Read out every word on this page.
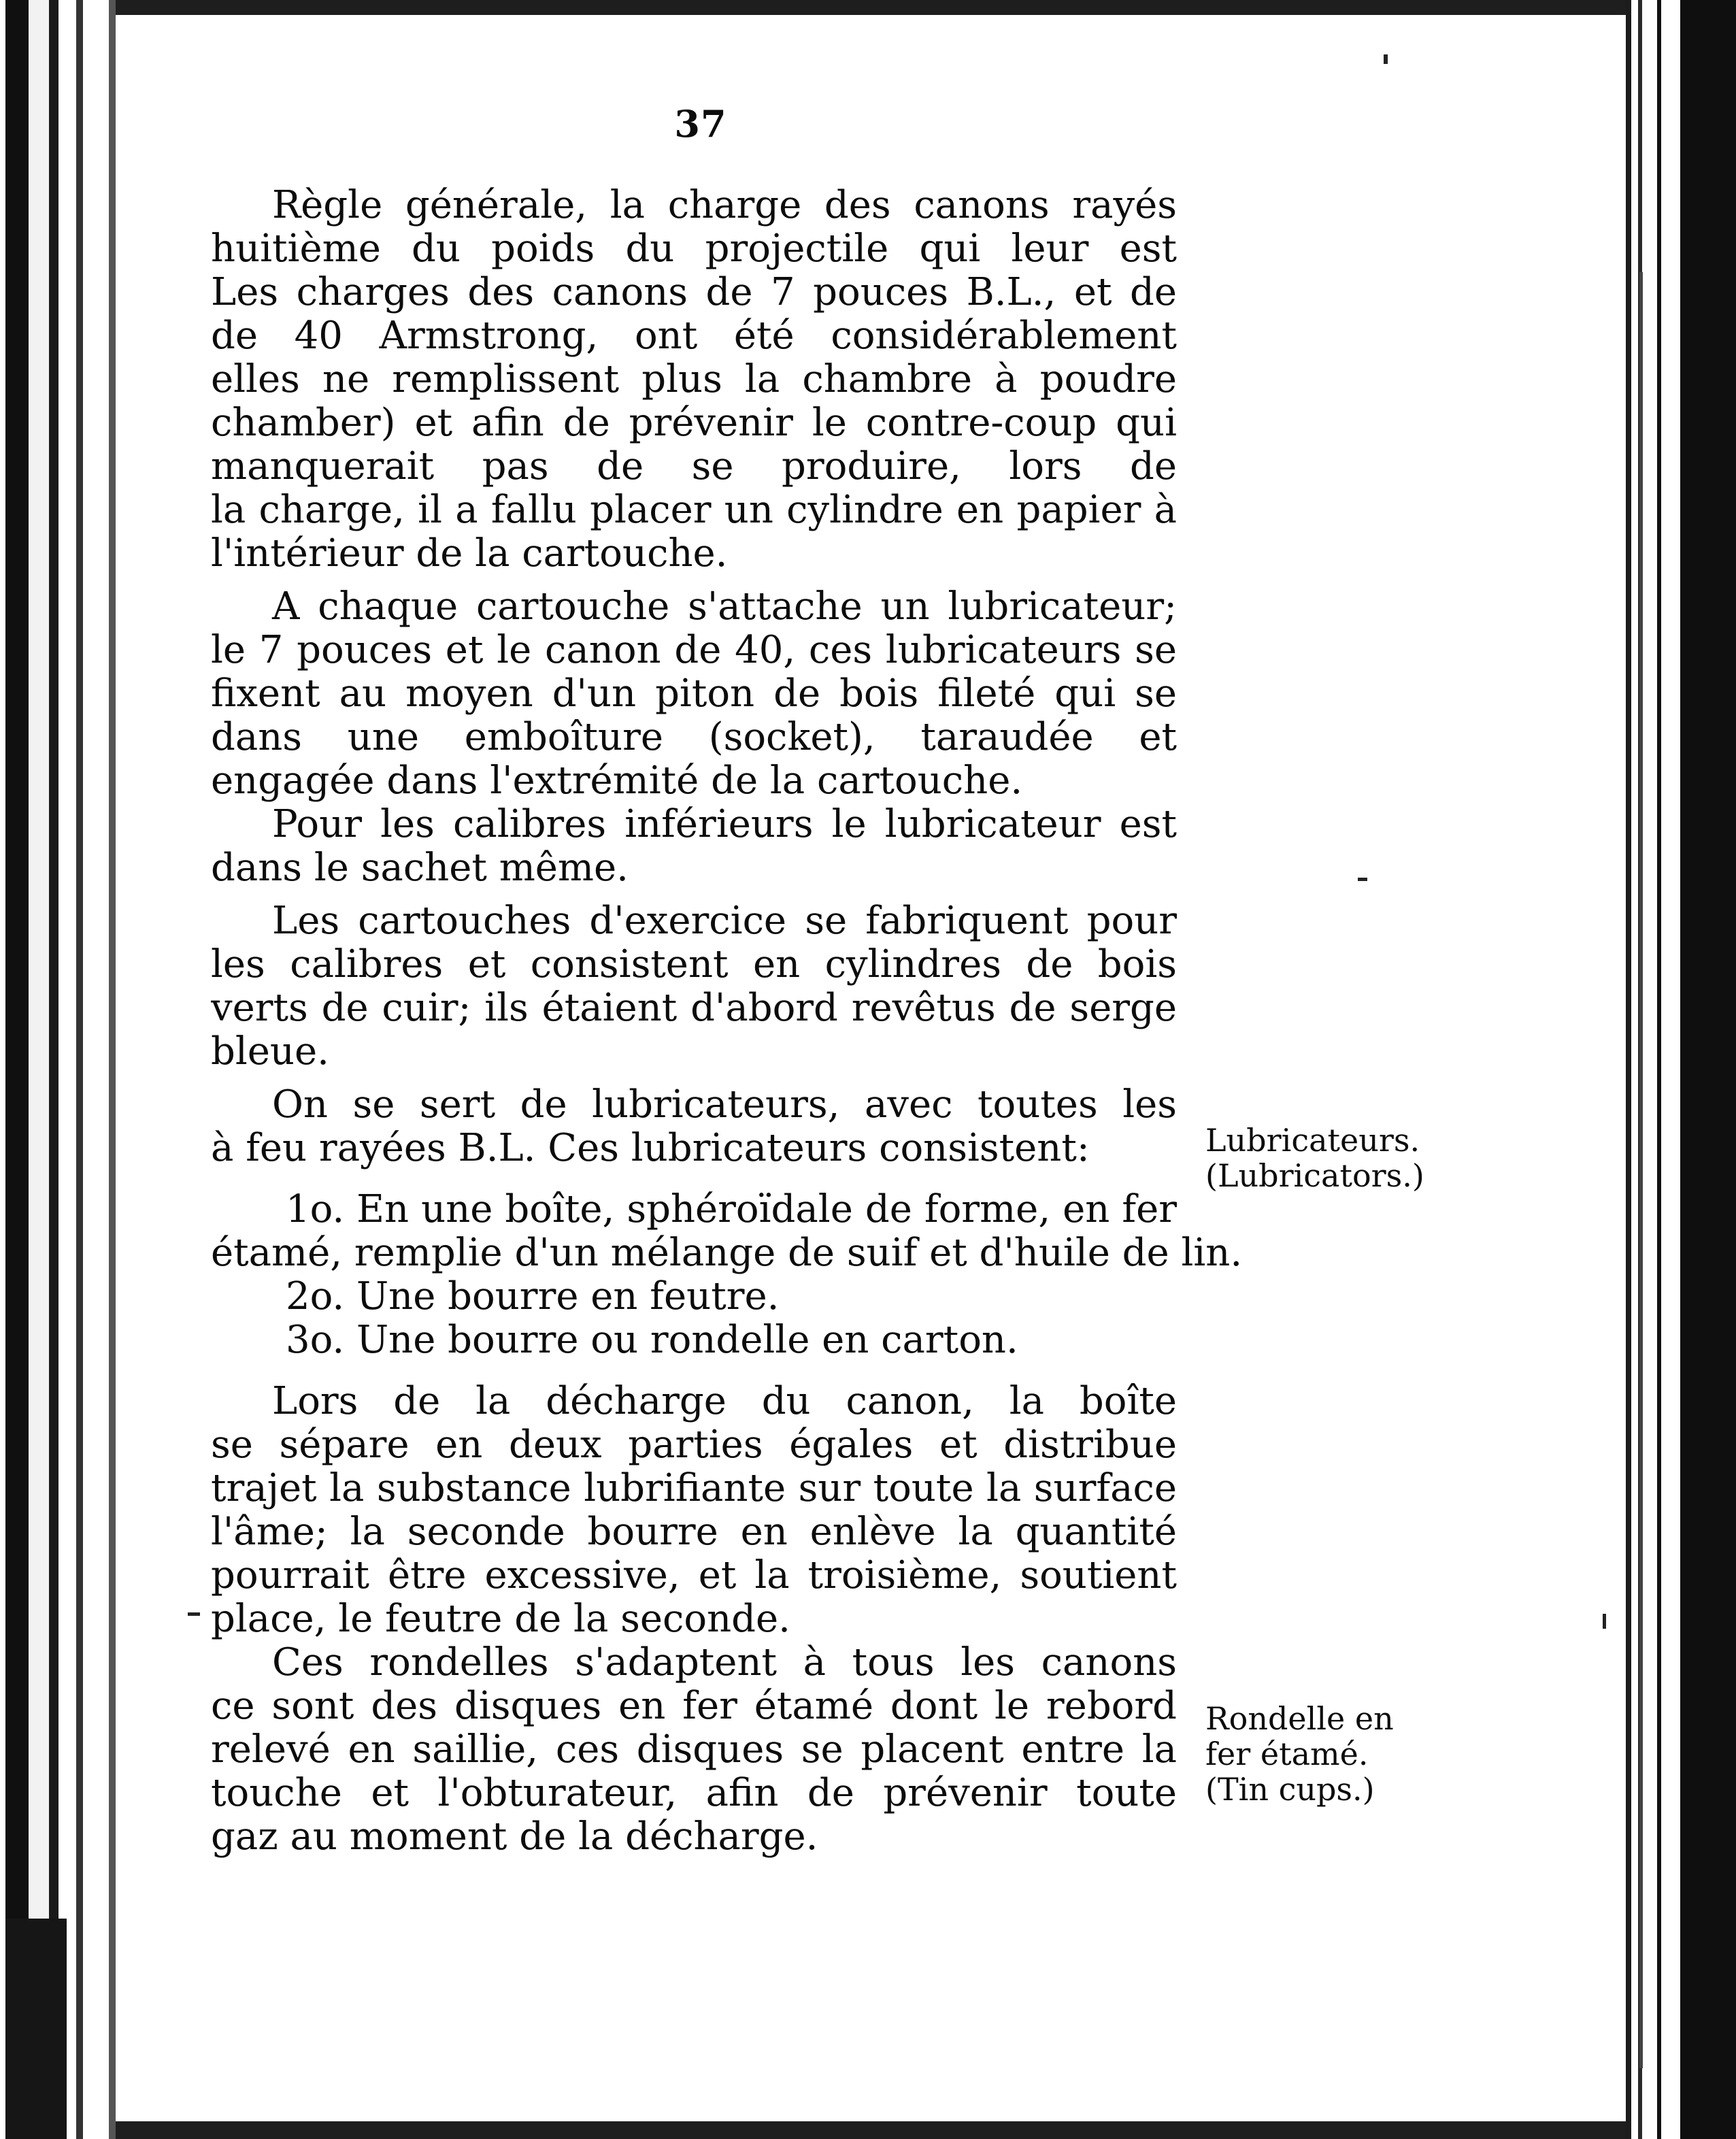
37
Règle générale, la charge des canons rayés
huitième du poids du projectile qui leur est
Les charges des canons de 7 pouces B.L., et de
de 40 Armstrong, ont été considérablement
elles ne remplissent plus la chambre à poudre
chamber) et afin de prévenir le contre-coup qui
manquerait pas de se produire, lors de
la charge, il a fallu placer un cylindre en papier à
l'intérieur de la cartouche.
A chaque cartouche s'attache un lubricateur;
le 7 pouces et le canon de 40, ces lubricateurs se
fixent au moyen d'un piton de bois fileté qui se
dans une emboîture (socket), taraudée et
engagée dans l'extrémité de la cartouche.
Pour les calibres inférieurs le lubricateur est
dans le sachet même.
Les cartouches d'exercice se fabriquent pour
les calibres et consistent en cylindres de bois
verts de cuir; ils étaient d'abord revêtus de serge
bleue.
On se sert de lubricateurs, avec toutes les
à feu rayées B.L. Ces lubricateurs consistent:
1o. En une boîte, sphéroïdale de forme, en fer
étamé, remplie d'un mélange de suif et d'huile de lin.
2o. Une bourre en feutre.
3o. Une bourre ou rondelle en carton.
Lors de la décharge du canon, la boîte
se sépare en deux parties égales et distribue
trajet la substance lubrifiante sur toute la surface
l'âme; la seconde bourre en enlève la quantité
pourrait être excessive, et la troisième, soutient
place, le feutre de la seconde.
Ces rondelles s'adaptent à tous les canons
ce sont des disques en fer étamé dont le rebord
relevé en saillie, ces disques se placent entre la
touche et l'obturateur, afin de prévenir toute
gaz au moment de la décharge.
Lubricateurs.
(Lubricators.)
Rondelle en
fer étamé.
(Tin cups.)
